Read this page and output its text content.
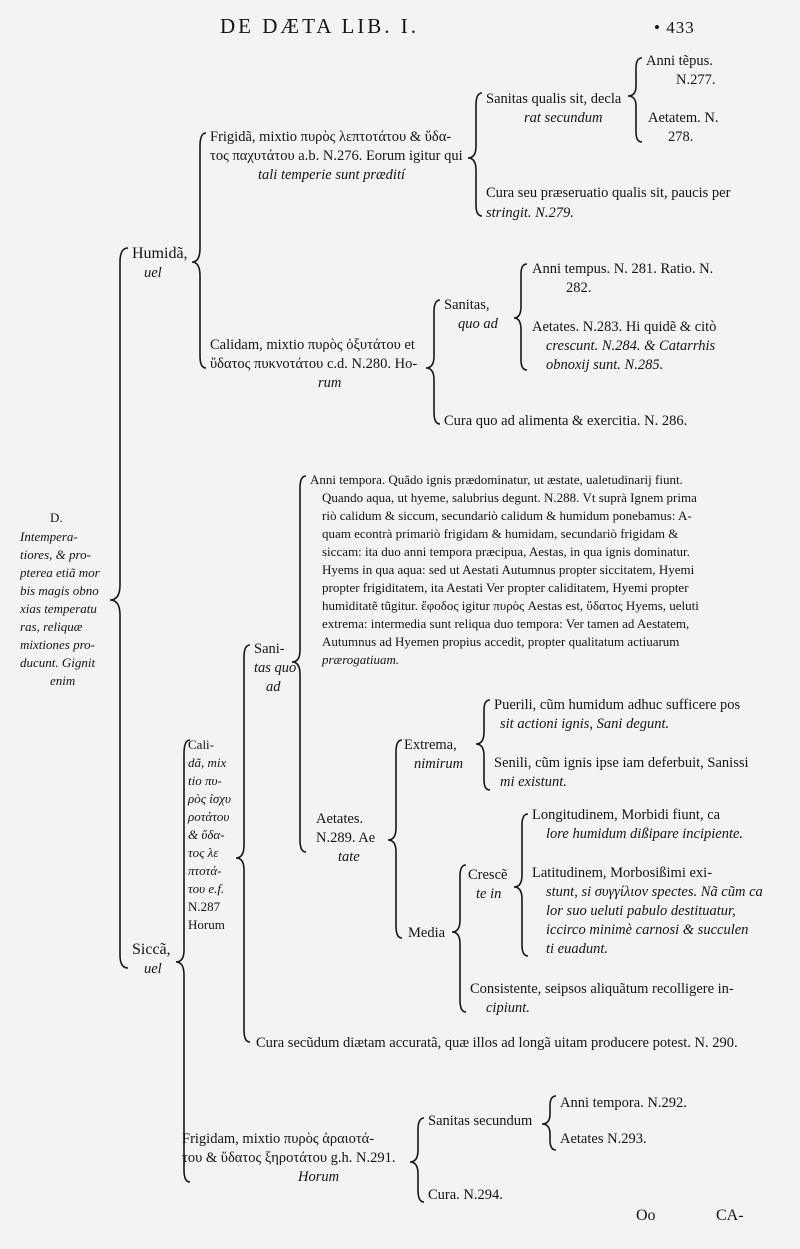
DE DÆTA LIB. I.	• 433
D.
Intempera-
tiores, & pro-
pterea etiã mor
bis magis obno
xias temperatu
ras, reliquæ
mixtiones pro-
ducunt. Gignit
enim
Humidã,
uel
Frigidã, mixtio πυρὸς λεπτοτάτου & ὕδα-
τος παχυτάτου a.b. N.276. Eorum igitur qui
tali temperie sunt prædití
Sanitas qualis sit, decla
rat secundum
Anni tẽpus.
N.277.
Aetatem. N.
278.
Cura seu præseruatio qualis sit, paucis per
stringit. N.279.
Calidam, mixtio πυρὸς ὀξυτάτου et
ὕδατος πυκνοτάτου c.d. N.280. Ho-
rum
Sanitas,
quo ad
Anni tempus. N. 281. Ratio. N.
282.
Aetates. N.283. Hi quidẽ & citò
crescunt. N.284. & Catarrhis
obnoxij sunt. N.285.
Cura quo ad alimenta & exercitia. N. 286.
Siccã,
uel
Cali-
dã, mix
tio πυ-
ρὸς ἰσχυ
ροτάτου
& ὕδα-
τος λε
πτοτά-
του e.f.
N.287
Horum
Sani-
tas quo
ad
Anni tempora. Quãdo ignis prædominatur, ut æstate, ualetudinarij fiunt.
Quando aqua, ut hyeme, salubrius degunt. N.288. Vt suprà Ignem prima
riò calidum & siccum, secundariò calidum & humidum ponebamus: A-
quam econtrà primariò frigidam & humidam, secundariò frigidam &
siccam: ita duo anni tempora præcipua, Aestas, in qua ignis dominatur.
Hyems in qua aqua: sed ut Aestati Autumnus propter siccitatem, Hyemi
propter frigiditatem, ita Aestati Ver propter caliditatem, Hyemi propter
humiditatẽ tũgitur. ἔφοδος igitur πυρὸς Aestas est, ὕδατος Hyems, ueluti
extrema: intermedia sunt reliqua duo tempora: Ver tamen ad Aestatem,
Autumnus ad Hyemen propius accedit, propter qualitatum actiuarum
prærogatiuam.
Aetates.
N.289. Ae
tate
Extrema,
nimirum
Puerili, cũm humidum adhuc sufficere pos
sit actioni ignis, Sani degunt.
Senili, cũm ignis ipse iam deferbuit, Sanissi
mi existunt.
Media
Crescẽ
te in
Longitudinem, Morbidi fiunt, ca
lore humidum dißipare incipiente.
Latitudinem, Morbosißimi exi-
stunt, si συγγίλιον spectes. Nã cũm ca
lor suo ueluti pabulo destituatur,
iccirco minimè carnosi & succulen
ti euadunt.
Consistente, seipsos aliquãtum recolligere in-
cipiunt.
Cura secũdum diætam accuratã, quæ illos ad longã uitam producere potest. N. 290.
Frigidam, mixtio πυρὸς ἀραιοτά-
του & ὕδατος ξηροτάτου g.h. N.291.
Horum
Sanitas secundum
Anni tempora. N.292.
Aetates N.293.
Cura. N.294.
Oo	CA-
